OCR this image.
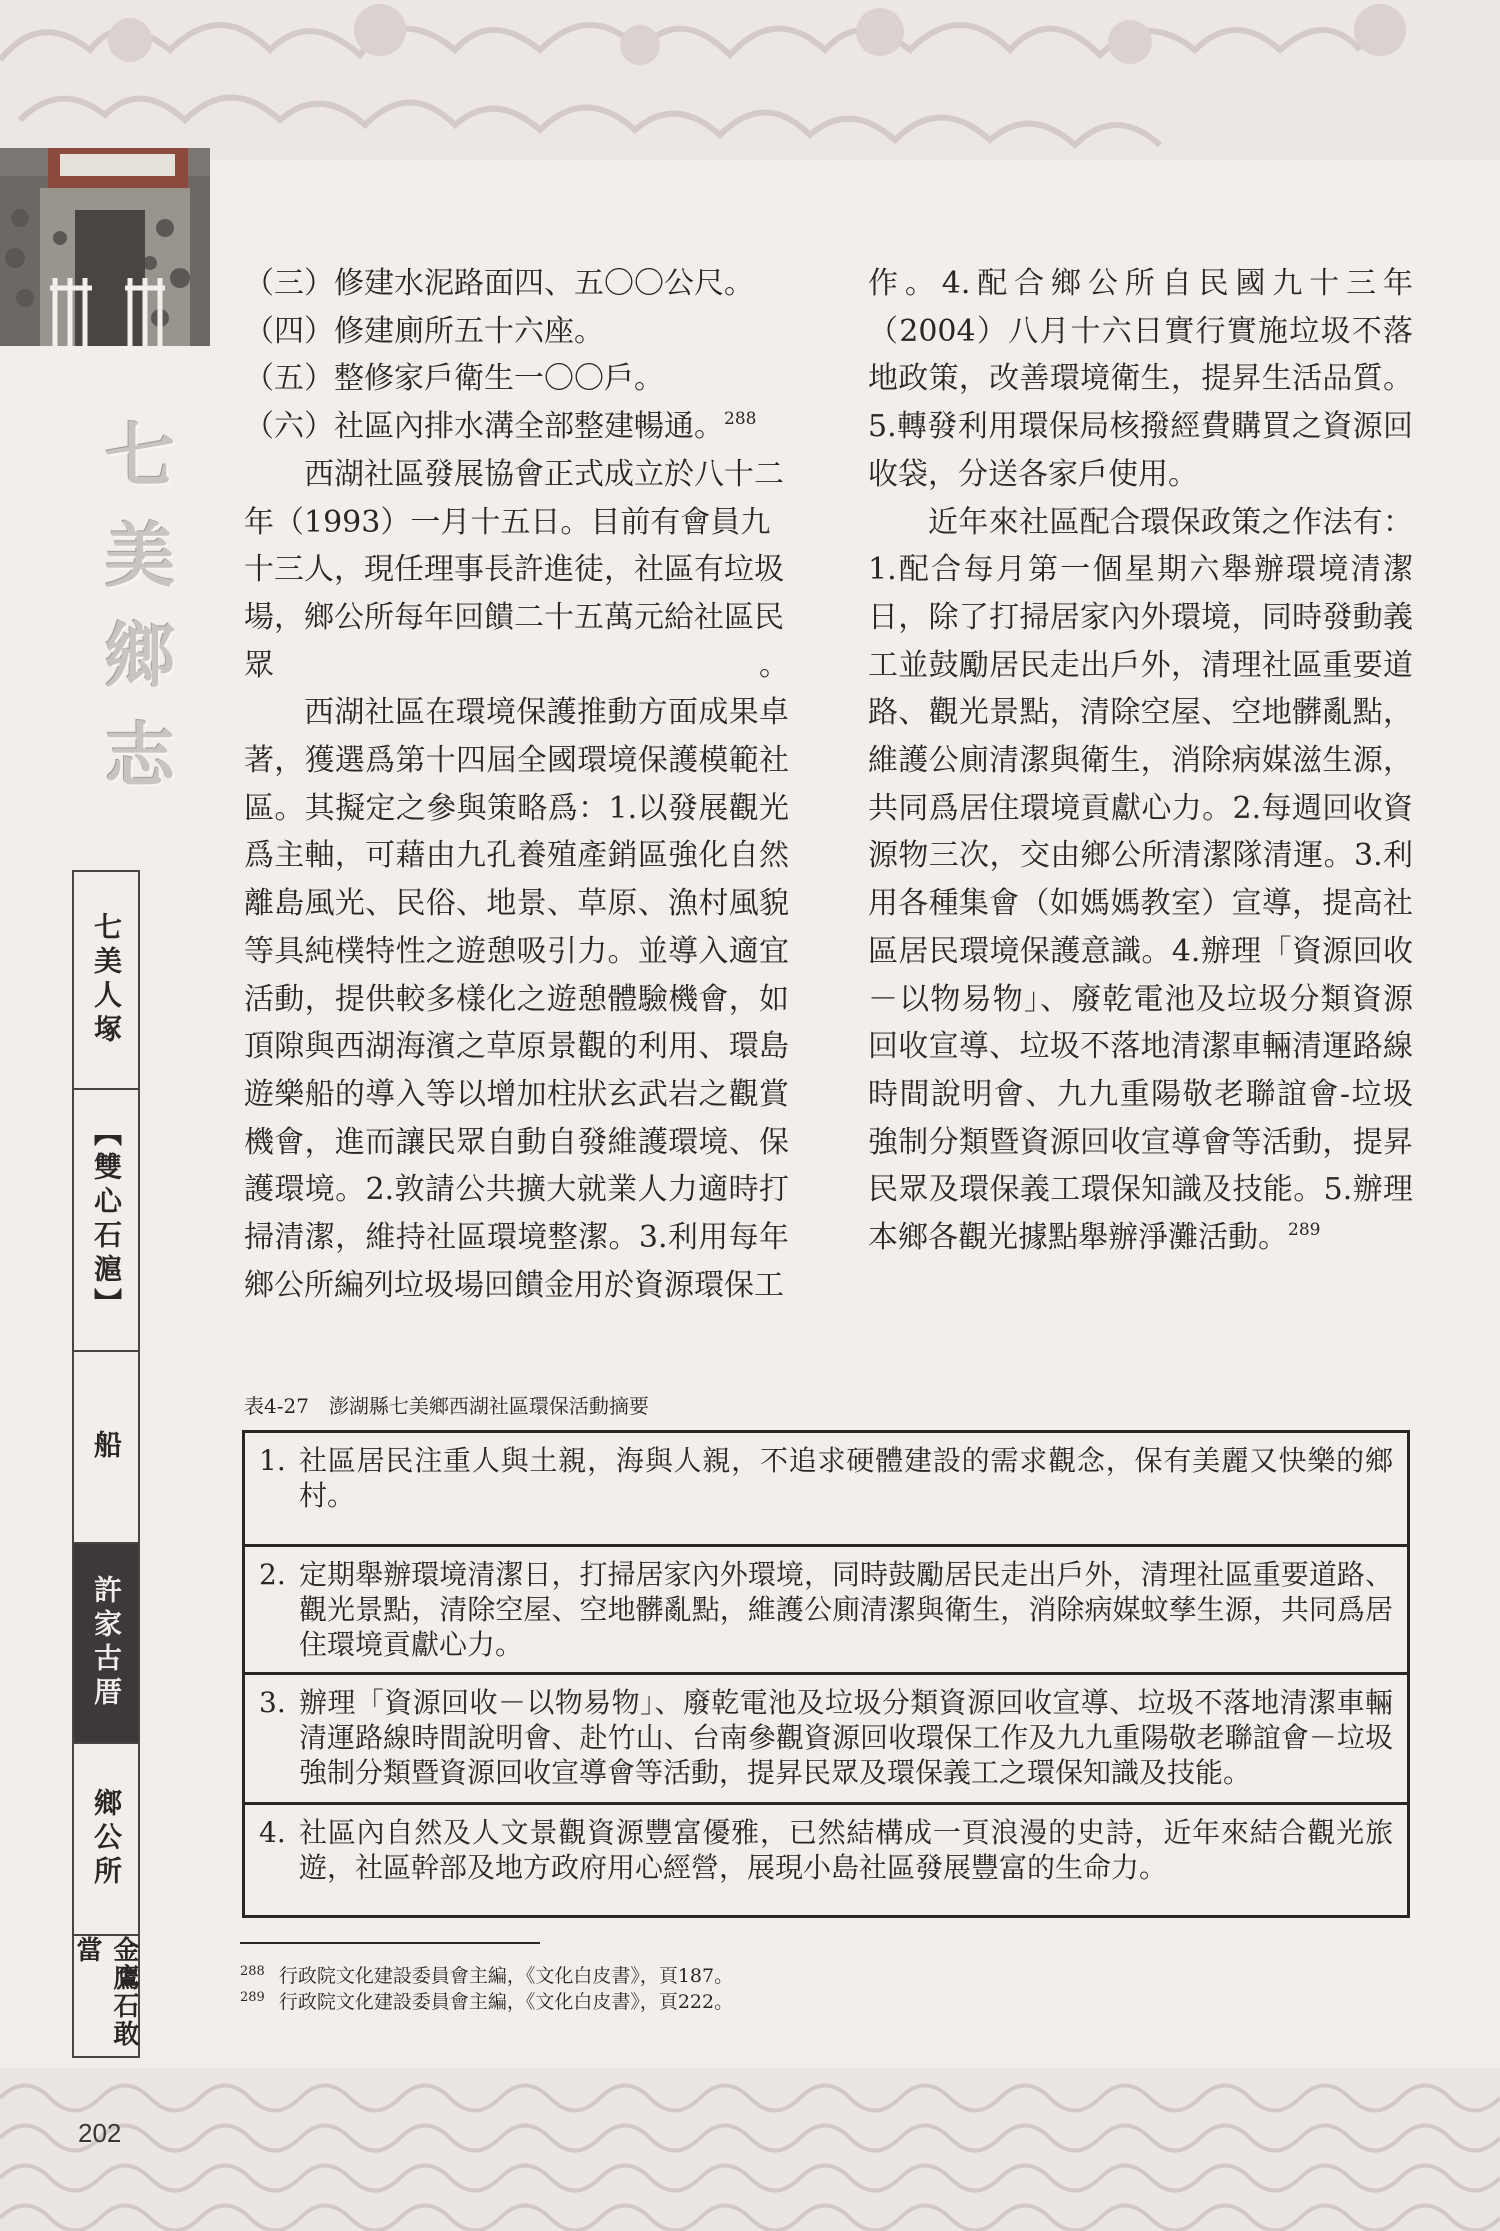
七
美
鄉
志
七美人塚
【雙心石滬】
船
許家古厝
鄉公所
金鷹石敢當

（三）修建水泥路面四、五〇〇公尺。

（四）修建廁所五十六座。

（五）整修家戶衛生一〇〇戶。

（六）社區內排水溝全部整建暢通。$^{288}$

西湖社區發展協會正式成立於八十二年（1993）一月十五日。目前有會員九十三人，現任理事長許進徒，社區有垃圾場，鄉公所每年回饋二十五萬元給社區民眾。

西湖社區在環境保護推動方面成果卓著，獲選爲第十四屆全國環境保護模範社區。其擬定之參與策略爲：1.以發展觀光爲主軸，可藉由九孔養殖產銷區強化自然離島風光、民俗、地景、草原、漁村風貌等具純樸特性之遊憩吸引力。並導入適宜活動，提供較多樣化之遊憩體驗機會，如頂隙與西湖海濱之草原景觀的利用、環島遊樂船的導入等以增加柱狀玄武岩之觀賞機會，進而讓民眾自動自發維護環境、保護環境。2.敦請公共擴大就業人力適時打掃清潔，維持社區環境整潔。3.利用每年鄉公所編列垃圾場回饋金用於資源環保工

作。4.配合鄉公所自民國九十三年（2004）八月十六日實行實施垃圾不落地政策，改善環境衛生，提昇生活品質。5.轉發利用環保局核撥經費購買之資源回收袋，分送各家戶使用。

近年來社區配合環保政策之作法有：1.配合每月第一個星期六舉辦環境清潔日，除了打掃居家內外環境，同時發動義工並鼓勵居民走出戶外，清理社區重要道路、觀光景點，清除空屋、空地髒亂點，維護公廁清潔與衛生，消除病媒滋生源，共同爲居住環境貢獻心力。2.每週回收資源物三次，交由鄉公所清潔隊清運。3.利用各種集會（如媽媽教室）宣導，提高社區居民環境保護意識。4.辦理「資源回收－以物易物」、廢乾電池及垃圾分類資源回收宣導、垃圾不落地清潔車輛清運路線時間說明會、九九重陽敬老聯誼會-垃圾強制分類暨資源回收宣導會等活動，提昇民眾及環保義工環保知識及技能。5.辦理本鄉各觀光據點舉辦淨灘活動。$^{289}$

表4-27　澎湖縣七美鄉西湖社區環保活動摘要
1. 社區居民注重人與土親，海與人親，不追求硬體建設的需求觀念，保有美麗又快樂的鄉村。
2. 定期舉辦環境清潔日，打掃居家內外環境，同時鼓勵居民走出戶外，清理社區重要道路、觀光景點，清除空屋、空地髒亂點，維護公廁清潔與衛生，消除病媒蚊孳生源，共同爲居住環境貢獻心力。
3. 辦理「資源回收－以物易物」、廢乾電池及垃圾分類資源回收宣導、垃圾不落地清潔車輛清運路線時間說明會、赴竹山、台南參觀資源回收環保工作及九九重陽敬老聯誼會－垃圾強制分類暨資源回收宣導會等活動，提昇民眾及環保義工之環保知識及技能。
4. 社區內自然及人文景觀資源豐富優雅，已然結構成一頁浪漫的史詩，近年來結合觀光旅遊，社區幹部及地方政府用心經營，展現小島社區發展豐富的生命力。
$^{288}$ 行政院文化建設委員會主編，《文化白皮書》，頁187。
$^{289}$ 行政院文化建設委員會主編，《文化白皮書》，頁222。
202
